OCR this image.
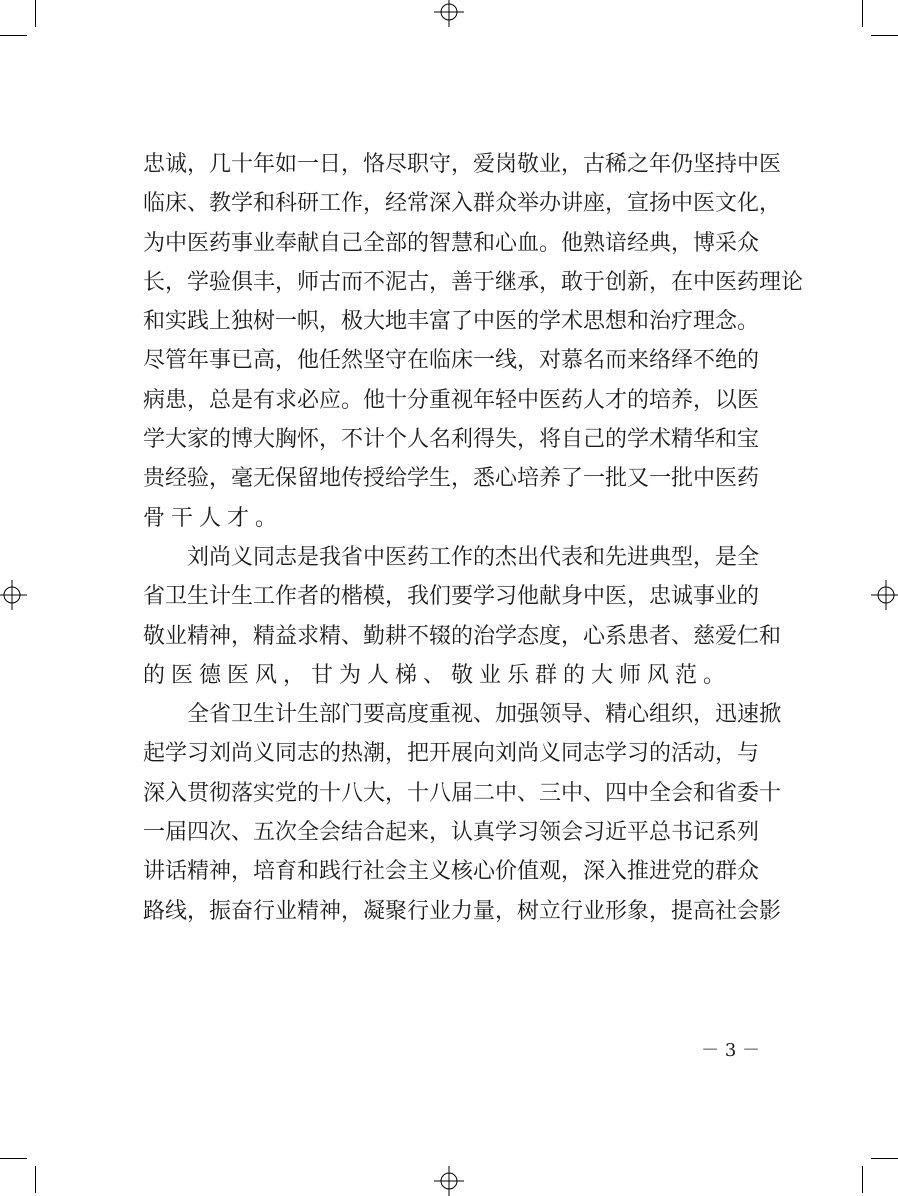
忠诚，几十年如一日，恪尽职守，爱岗敬业，古稀之年仍坚持中医
临床、教学和科研工作，经常深入群众举办讲座，宣扬中医文化，
为中医药事业奉献自己全部的智慧和心血。他熟谙经典，博采众
长，学验俱丰，师古而不泥古，善于继承，敢于创新，在中医药理论
和实践上独树一帜，极大地丰富了中医的学术思想和治疗理念。
尽管年事已高，他任然坚守在临床一线，对慕名而来络绎不绝的
病患，总是有求必应。他十分重视年轻中医药人才的培养，以医
学大家的博大胸怀，不计个人名利得失，将自己的学术精华和宝
贵经验，毫无保留地传授给学生，悉心培养了一批又一批中医药
骨干人才。
　　刘尚义同志是我省中医药工作的杰出代表和先进典型，是全
省卫生计生工作者的楷模，我们要学习他献身中医，忠诚事业的
敬业精神，精益求精、勤耕不辍的治学态度，心系患者、慈爱仁和
的医德医风，甘为人梯、敬业乐群的大师风范。
　　全省卫生计生部门要高度重视、加强领导、精心组织，迅速掀
起学习刘尚义同志的热潮，把开展向刘尚义同志学习的活动，与
深入贯彻落实党的十八大，十八届二中、三中、四中全会和省委十
一届四次、五次全会结合起来，认真学习领会习近平总书记系列
讲话精神，培育和践行社会主义核心价值观，深入推进党的群众
路线，振奋行业精神，凝聚行业力量，树立行业形象，提高社会影
－ 3 －
